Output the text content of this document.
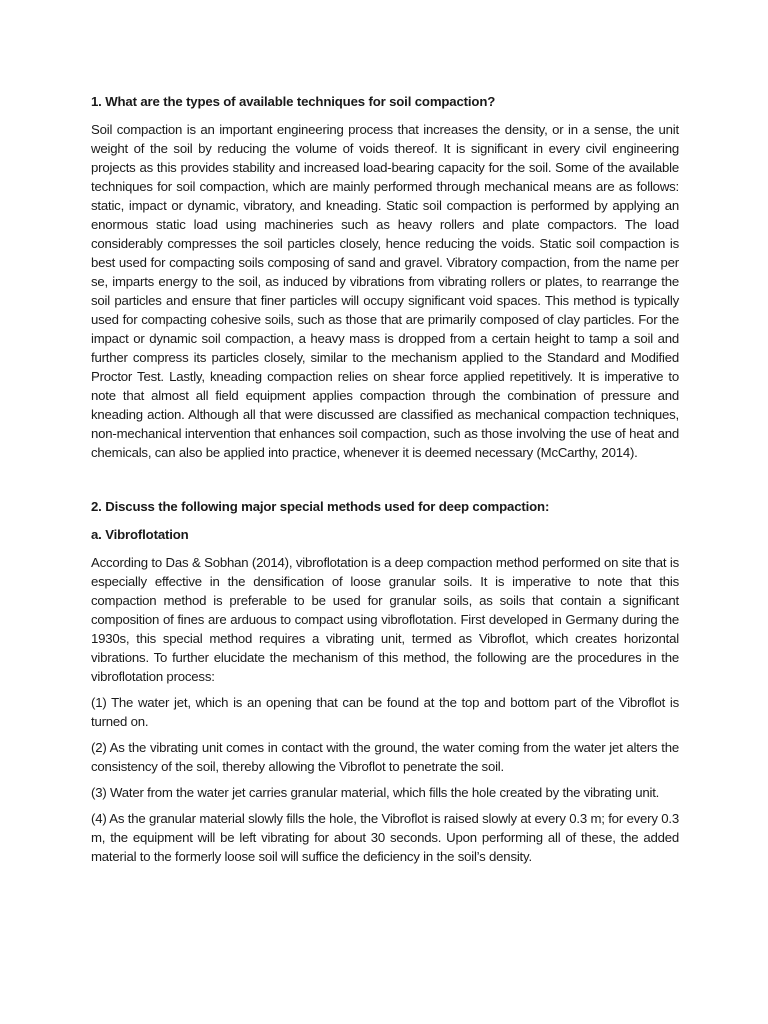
1. What are the types of available techniques for soil compaction?

Soil compaction is an important engineering process that increases the density, or in a sense, the unit weight of the soil by reducing the volume of voids thereof. It is significant in every civil engineering projects as this provides stability and increased load-bearing capacity for the soil. Some of the available techniques for soil compaction, which are mainly performed through mechanical means are as follows: static, impact or dynamic, vibratory, and kneading. Static soil compaction is performed by applying an enormous static load using machineries such as heavy rollers and plate compactors. The load considerably compresses the soil particles closely, hence reducing the voids. Static soil compaction is best used for compacting soils composing of sand and gravel. Vibratory compaction, from the name per se, imparts energy to the soil, as induced by vibrations from vibrating rollers or plates, to rearrange the soil particles and ensure that finer particles will occupy significant void spaces. This method is typically used for compacting cohesive soils, such as those that are primarily composed of clay particles. For the impact or dynamic soil compaction, a heavy mass is dropped from a certain height to tamp a soil and further compress its particles closely, similar to the mechanism applied to the Standard and Modified Proctor Test. Lastly, kneading compaction relies on shear force applied repetitively. It is imperative to note that almost all field equipment applies compaction through the combination of pressure and kneading action. Although all that were discussed are classified as mechanical compaction techniques, non-mechanical intervention that enhances soil compaction, such as those involving the use of heat and chemicals, can also be applied into practice, whenever it is deemed necessary (McCarthy, 2014).

2. Discuss the following major special methods used for deep compaction:

a. Vibroflotation

According to Das & Sobhan (2014), vibroflotation is a deep compaction method performed on site that is especially effective in the densification of loose granular soils. It is imperative to note that this compaction method is preferable to be used for granular soils, as soils that contain a significant composition of fines are arduous to compact using vibroflotation. First developed in Germany during the 1930s, this special method requires a vibrating unit, termed as Vibroflot, which creates horizontal vibrations. To further elucidate the mechanism of this method, the following are the procedures in the vibroflotation process:

(1) The water jet, which is an opening that can be found at the top and bottom part of the Vibroflot is turned on.

(2) As the vibrating unit comes in contact with the ground, the water coming from the water jet alters the consistency of the soil, thereby allowing the Vibroflot to penetrate the soil.

(3) Water from the water jet carries granular material, which fills the hole created by the vibrating unit.

(4) As the granular material slowly fills the hole, the Vibroflot is raised slowly at every 0.3 m; for every 0.3 m, the equipment will be left vibrating for about 30 seconds. Upon performing all of these, the added material to the formerly loose soil will suffice the deficiency in the soil’s density.
